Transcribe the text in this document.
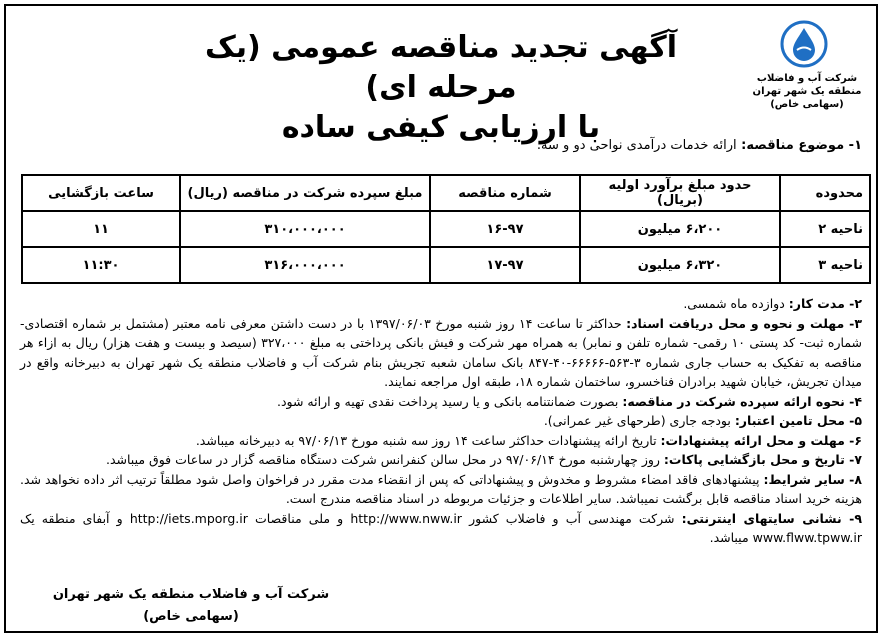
شرکت آب و فاضلاب
منطقه یک شهر تهران
(سهامی خاص)
آگهی تجدید مناقصه عمومی (یک مرحله ای)
با ارزیابی کیفی ساده
۱- موضوع مناقصه: ارائه خدمات درآمدی نواحی دو و سه.
محدوده	حدود مبلغ برآورد اولیه (بریال)	شماره مناقصه	مبلغ سپرده شرکت در مناقصه (ریال)	ساعت بازگشایی
ناحیه ۲	۶،۲۰۰ میلیون	۱۶-۹۷	۳۱۰،۰۰۰،۰۰۰	۱۱
ناحیه ۳	۶،۳۲۰ میلیون	۱۷-۹۷	۳۱۶،۰۰۰،۰۰۰	۱۱:۳۰

۲- مدت کار: دوازده ماه شمسی.

۳- مهلت و نحوه و محل دریافت اسناد: حداکثر تا ساعت ۱۴ روز شنبه مورخ ۱۳۹۷/۰۶/۰۳ با در دست داشتن معرفی نامه معتبر (مشتمل بر شماره اقتصادی- شماره ثبت- کد پستی ۱۰ رقمی- شماره تلفن و نمابر) به همراه مهر شرکت و فیش بانکی پرداختی به مبلغ ۳۲۷،۰۰۰ (سیصد و بیست و هفت هزار) ریال به ازاء هر مناقصه به تفکیک به حساب جاری شماره ۳-۵۶۳-۶۶۶۶۶-۴۰-۸۴۷ بانک سامان شعبه تجریش بنام شرکت آب و فاضلاب منطقه یک شهر تهران به دبیرخانه واقع در میدان تجریش، خیابان شهید برادران فناخسرو، ساختمان شماره ۱۸، طبقه اول مراجعه نمایند.

۴- نحوه ارائه سپرده شرکت در مناقصه: بصورت ضمانتنامه بانکی و یا رسید پرداخت نقدی تهیه و ارائه شود.

۵- محل تامین اعتبار: بودجه جاری (طرحهای غیر عمرانی).

۶- مهلت و محل ارائه پیشنهادات: تاریخ ارائه پیشنهادات حداکثر ساعت ۱۴ روز سه شنبه مورخ ۹۷/۰۶/۱۳ به دبیرخانه میباشد.

۷- تاریخ و محل بازگشایی پاکات: روز چهارشنبه مورخ ۹۷/۰۶/۱۴ در محل سالن کنفرانس شرکت دستگاه مناقصه گزار در ساعات فوق میباشد.

۸- سایر شرایط: پیشنهادهای فاقد امضاء مشروط و مخدوش و پیشنهاداتی که پس از انقضاء مدت مقرر در فراخوان واصل شود مطلقاً ترتیب اثر داده نخواهد شد. هزینه خرید اسناد مناقصه قابل برگشت نمیباشد. سایر اطلاعات و جزئیات مربوطه در اسناد مناقصه مندرج است.

۹- نشانی سایتهای اینترنتی: شرکت مهندسی آب و فاضلاب کشور http://www.nww.ir و ملی مناقصات http://iets.mporg.ir و آبفای منطقه یک www.flww.tpww.ir میباشد.

شرکت آب و فاضلاب منطقه یک شهر تهران
(سهامی خاص)
